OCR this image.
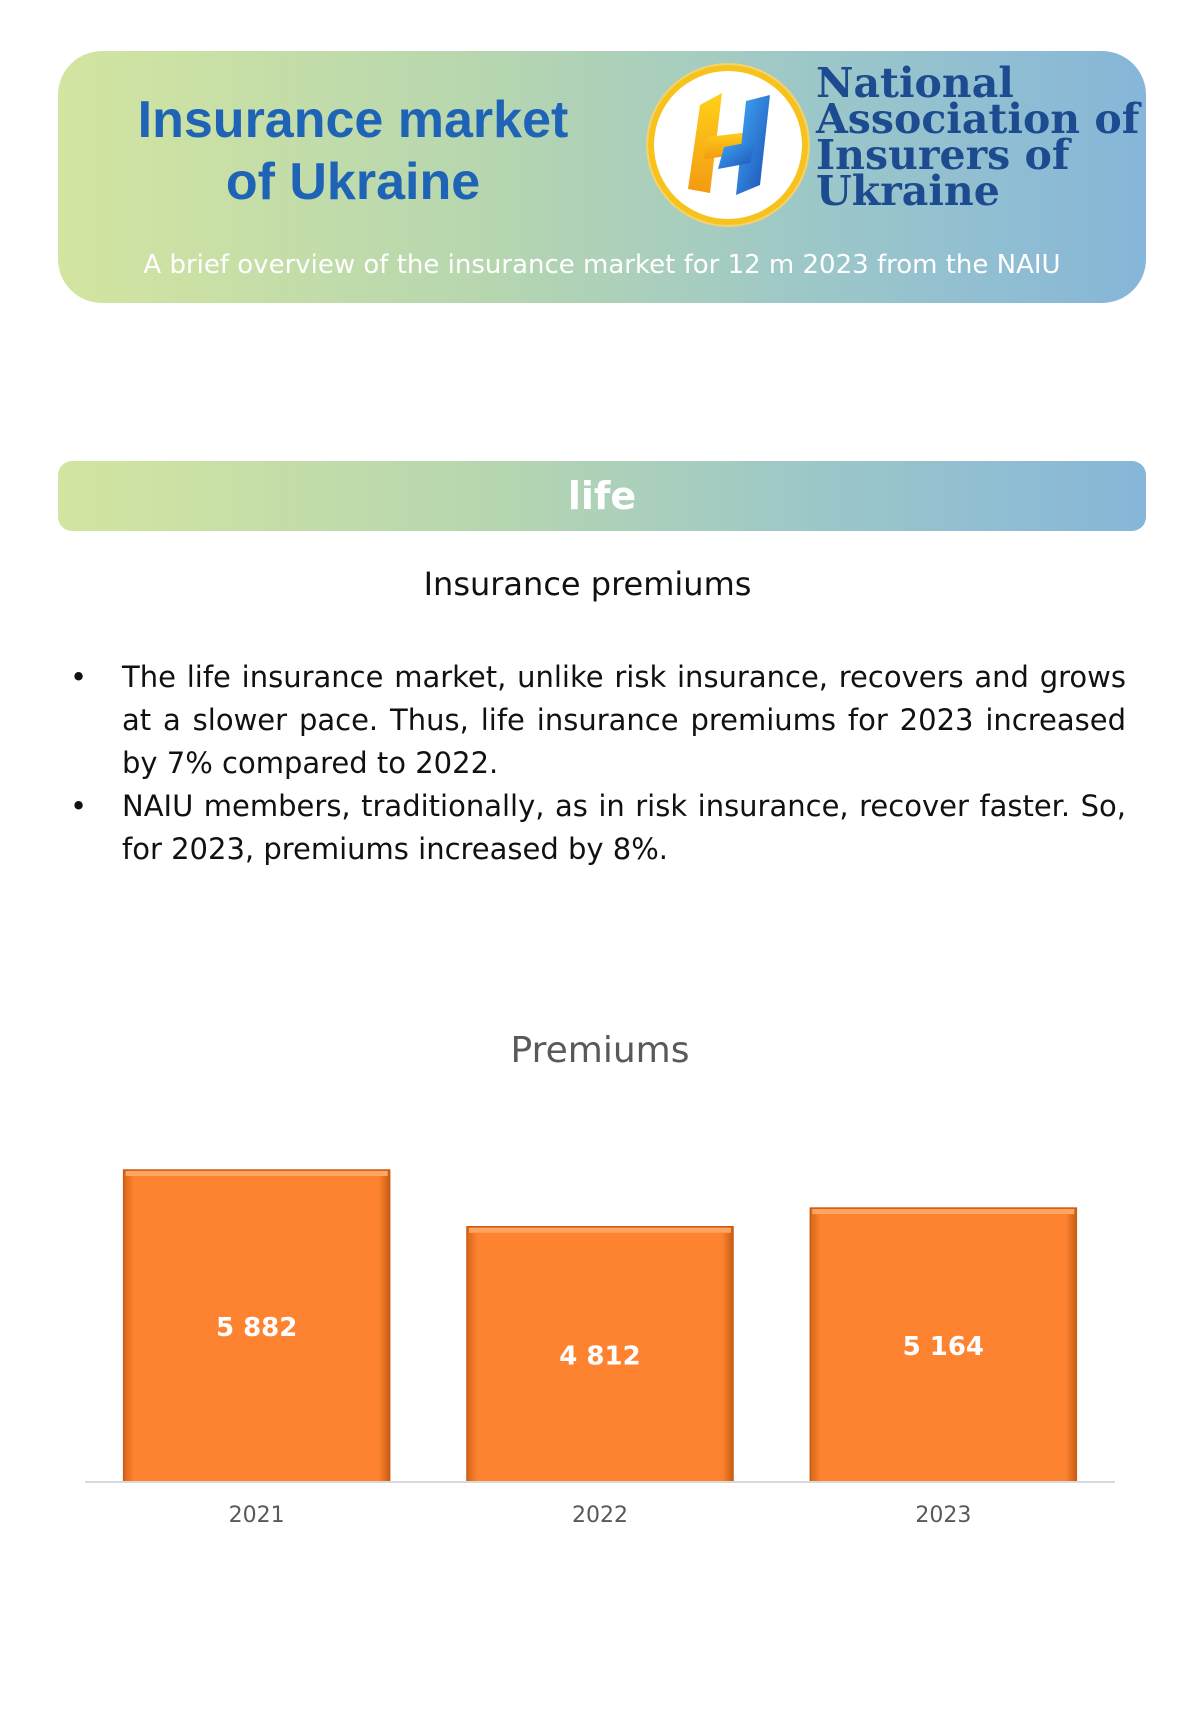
Insurance market
of Ukraine
National
Association of
Insurers of
Ukraine
A brief overview of the insurance market for 12 m 2023 from the NAIU
life
Insurance premiums
• The life insurance market, unlike risk insurance, recovers and grows at a slower pace. Thus, life insurance premiums for 2023 increased by 7% compared to 2022.
• NAIU members, traditionally, as in risk insurance, recover faster. So, for 2023, premiums increased by 8%.
Premiums
5 882
2021
4 812
2022
5 164
2023
